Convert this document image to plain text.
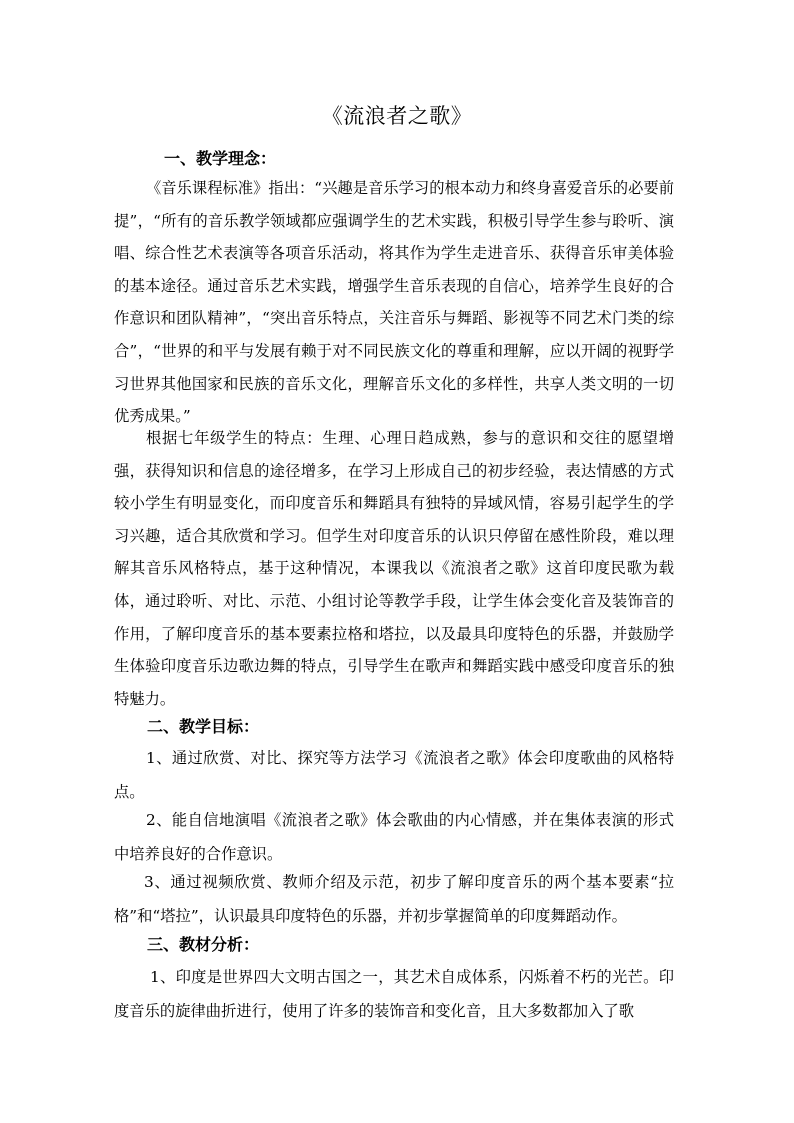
《流浪者之歌》
一、教学理念：

《音乐课程标准》指出：“兴趣是音乐学习的根本动力和终身喜爱音乐的必要前提”，“所有的音乐教学领域都应强调学生的艺术实践，积极引导学生参与聆听、演唱、综合性艺术表演等各项音乐活动，将其作为学生走进音乐、获得音乐审美体验的基本途径。通过音乐艺术实践，增强学生音乐表现的自信心，培养学生良好的合作意识和团队精神”，“突出音乐特点，关注音乐与舞蹈、影视等不同艺术门类的综合”，“世界的和平与发展有赖于对不同民族文化的尊重和理解，应以开阔的视野学习世界其他国家和民族的音乐文化，理解音乐文化的多样性，共享人类文明的一切优秀成果。”

根据七年级学生的特点：生理、心理日趋成熟，参与的意识和交往的愿望增强，获得知识和信息的途径增多，在学习上形成自己的初步经验，表达情感的方式较小学生有明显变化，而印度音乐和舞蹈具有独特的异域风情，容易引起学生的学习兴趣，适合其欣赏和学习。但学生对印度音乐的认识只停留在感性阶段，难以理解其音乐风格特点，基于这种情况，本课我以《流浪者之歌》这首印度民歌为载体，通过聆听、对比、示范、小组讨论等教学手段，让学生体会变化音及装饰音的作用，了解印度音乐的基本要素拉格和塔拉，以及最具印度特色的乐器，并鼓励学生体验印度音乐边歌边舞的特点，引导学生在歌声和舞蹈实践中感受印度音乐的独特魅力。

二、教学目标：

1、通过欣赏、对比、探究等方法学习《流浪者之歌》体会印度歌曲的风格特点。

2、能自信地演唱《流浪者之歌》体会歌曲的内心情感，并在集体表演的形式中培养良好的合作意识。

3、通过视频欣赏、教师介绍及示范，初步了解印度音乐的两个基本要素“拉格”和“塔拉”，认识最具印度特色的乐器，并初步掌握简单的印度舞蹈动作。

三、教材分析：

1、印度是世界四大文明古国之一，其艺术自成体系，闪烁着不朽的光芒。印度音乐的旋律曲折进行，使用了许多的装饰音和变化音，且大多数都加入了歌
